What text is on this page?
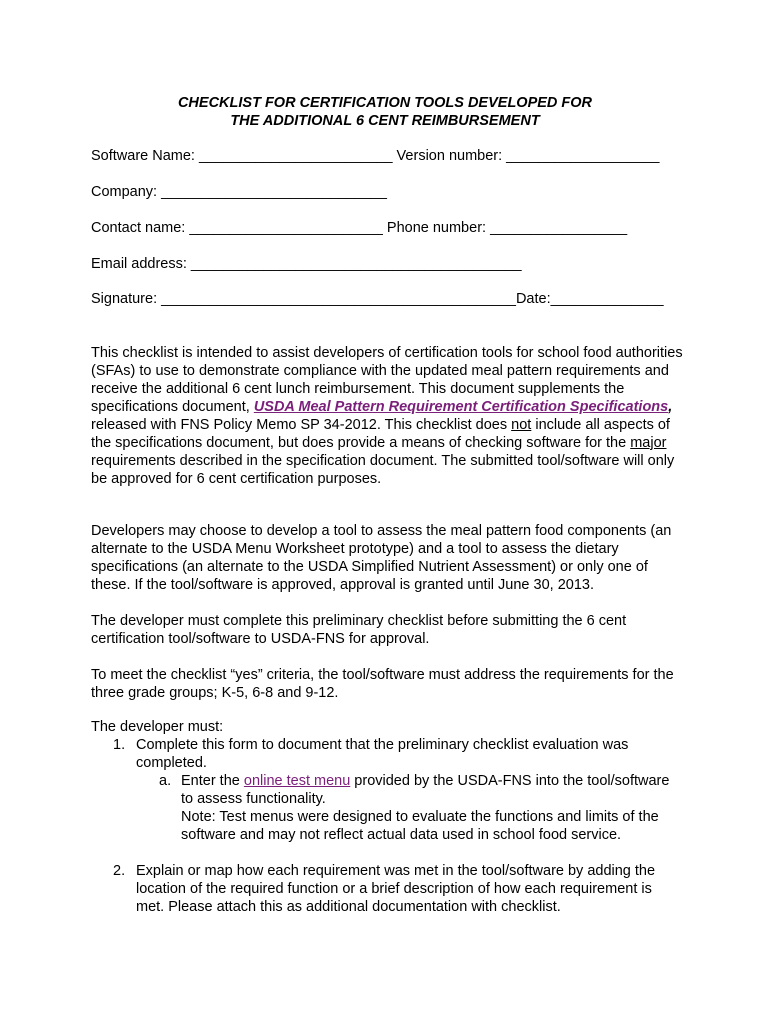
CHECKLIST FOR CERTIFICATION TOOLS DEVELOPED FOR
THE ADDITIONAL 6 CENT REIMBURSEMENT
Software Name: ________________________ Version number: ___________________
Company: ____________________________
Contact name: ________________________ Phone number: _________________
Email address: _________________________________________
Signature: ____________________________________________Date:______________

This checklist is intended to assist developers of certification tools for school food authorities (SFAs) to use to demonstrate compliance with the updated meal pattern requirements and receive the additional 6 cent lunch reimbursement. This document supplements the specifications document, USDA Meal Pattern Requirement Certification Specifications, released with FNS Policy Memo SP 34-2012. This checklist does not include all aspects of the specifications document, but does provide a means of checking software for the major requirements described in the specification document. The submitted tool/software will only be approved for 6 cent certification purposes.

Developers may choose to develop a tool to assess the meal pattern food components (an alternate to the USDA Menu Worksheet prototype) and a tool to assess the dietary specifications (an alternate to the USDA Simplified Nutrient Assessment) or only one of these. If the tool/software is approved, approval is granted until June 30, 2013.
The developer must complete this preliminary checklist before submitting the 6 cent certification tool/software to USDA-FNS for approval.
To meet the checklist “yes” criteria, the tool/software must address the requirements for the three grade groups; K-5, 6-8 and 9-12.
The developer must:
1. Complete this form to document that the preliminary checklist evaluation was completed.
a. Enter the online test menu provided by the USDA-FNS into the tool/software to assess functionality.
Note: Test menus were designed to evaluate the functions and limits of the software and may not reflect actual data used in school food service.
2. Explain or map how each requirement was met in the tool/software by adding the location of the required function or a brief description of how each requirement is met. Please attach this as additional documentation with checklist.
